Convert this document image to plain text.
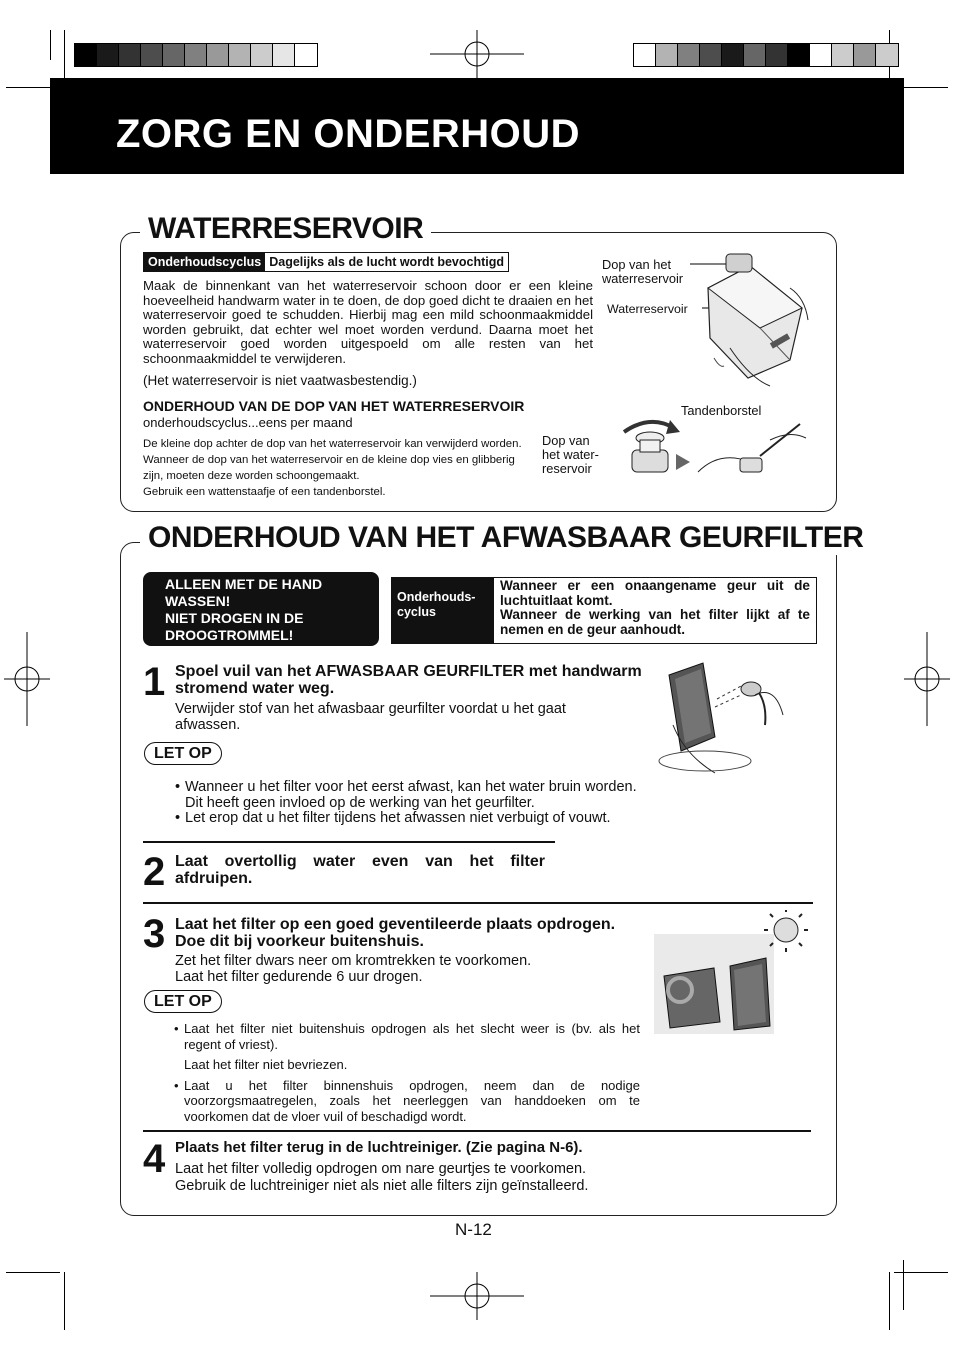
ZORG EN ONDERHOUD
WATERRESERVOIR
Onderhoudscyclus Dagelijks als de lucht wordt bevochtigd

Maak de binnenkant van het waterreservoir schoon door er een kleine hoeveelheid handwarm water in te doen, de dop goed dicht te draaien en het waterreservoir goed te schudden. Hierbij mag een mild schoonmaakmiddel worden gebruikt, dat echter wel moet worden verdund. Daarna moet het waterreservoir goed worden uitgespoeld om alle resten van het schoonmaakmiddel te verwijderen.

(Het waterreservoir is niet vaatwasbestendig.)

ONDERHOUD VAN DE DOP VAN HET WATERRESERVOIR

onderhoudscyclus...eens per maand

De kleine dop achter de dop van het waterreservoir kan verwijderd worden.

Wanneer de dop van het waterreservoir en de kleine dop vies en glibberig zijn, moeten deze worden schoongemaakt.

Gebruik een wattenstaafje of een tandenborstel.

Dop van het waterreservoir

Waterreservoir

Tandenborstel

Dop van het water-reservoir

ONDERHOUD VAN HET AFWASBAAR GEURFILTER
ALLEEN MET DE HAND
WASSEN!
NIET DROGEN IN DE
DROOGTROMMEL!
Onderhouds-cyclus
Wanneer er een onaangename geur uit de luchtuitlaat komt.
Wanneer de werking van het filter lijkt af te nemen en de geur aanhoudt.
1 Spoel vuil van het AFWASBAAR GEURFILTER met handwarm stromend water weg.

Verwijder stof van het afwasbaar geurfilter voordat u het gaat afwassen.

LET OP
• Wanneer u het filter voor het eerst afwast, kan het water bruin worden. Dit heeft geen invloed op de werking van het geurfilter.
• Let erop dat u het filter tijdens het afwassen niet verbuigt of vouwt.
2 Laat overtollig water even van het filter afdruipen.

3 Laat het filter op een goed geventileerde plaats opdrogen. Doe dit bij voorkeur buitenshuis.

Zet het filter dwars neer om kromtrekken te voorkomen.

Laat het filter gedurende 6 uur drogen.

LET OP
• Laat het filter niet buitenshuis opdrogen als het slecht weer is (bv. als het regent of vriest).
Laat het filter niet bevriezen.
• Laat u het filter binnenshuis opdrogen, neem dan de nodige voorzorgsmaatregelen, zoals het neerleggen van handdoeken om te voorkomen dat de vloer vuil of beschadigd wordt.
4 Plaats het filter terug in de luchtreiniger. (Zie pagina N-6).

Laat het filter volledig opdrogen om nare geurtjes te voorkomen.

Gebruik de luchtreiniger niet als niet alle filters zijn geïnstalleerd.

N-12
